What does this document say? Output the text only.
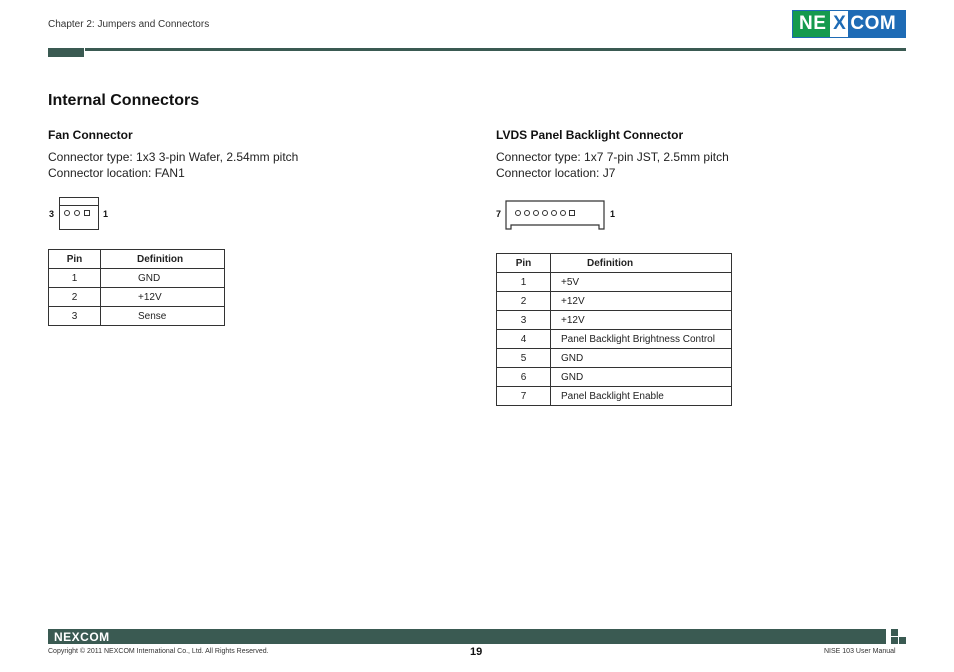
Chapter 2: Jumpers and Connectors	NE X COM
Internal Connectors
Fan Connector
Connector type: 1x3 3-pin Wafer, 2.54mm pitch
Connector location: FAN1
3	1
Pin	Definition
1	GND
2	+12V
3	Sense
LVDS Panel Backlight Connector
Connector type: 1x7 7-pin JST, 2.5mm pitch
Connector location: J7
7	1
Pin	Definition
1	+5V
2	+12V
3	+12V
4	Panel Backlight Brightness Control
5	GND
6	GND
7	Panel Backlight Enable
NEXCOM
Copyright © 2011 NEXCOM International Co., Ltd. All Rights Reserved.	19	NISE 103 User Manual
